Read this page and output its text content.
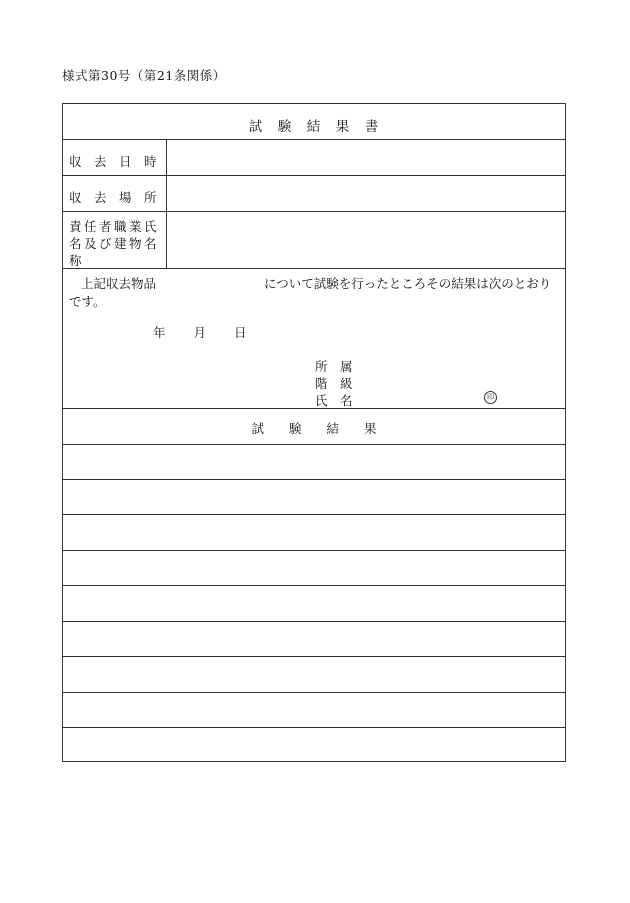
様式第30号（第21条関係）
試　験　結　果　書
収　去　日　時
収　去　場　所
責任者職業氏名及び建物名称
上記収去物品	について試験を行ったところその結果は次のとおりです。
年 月 日
所　属
階　級
氏　名	印
試　　験　　結　　果
